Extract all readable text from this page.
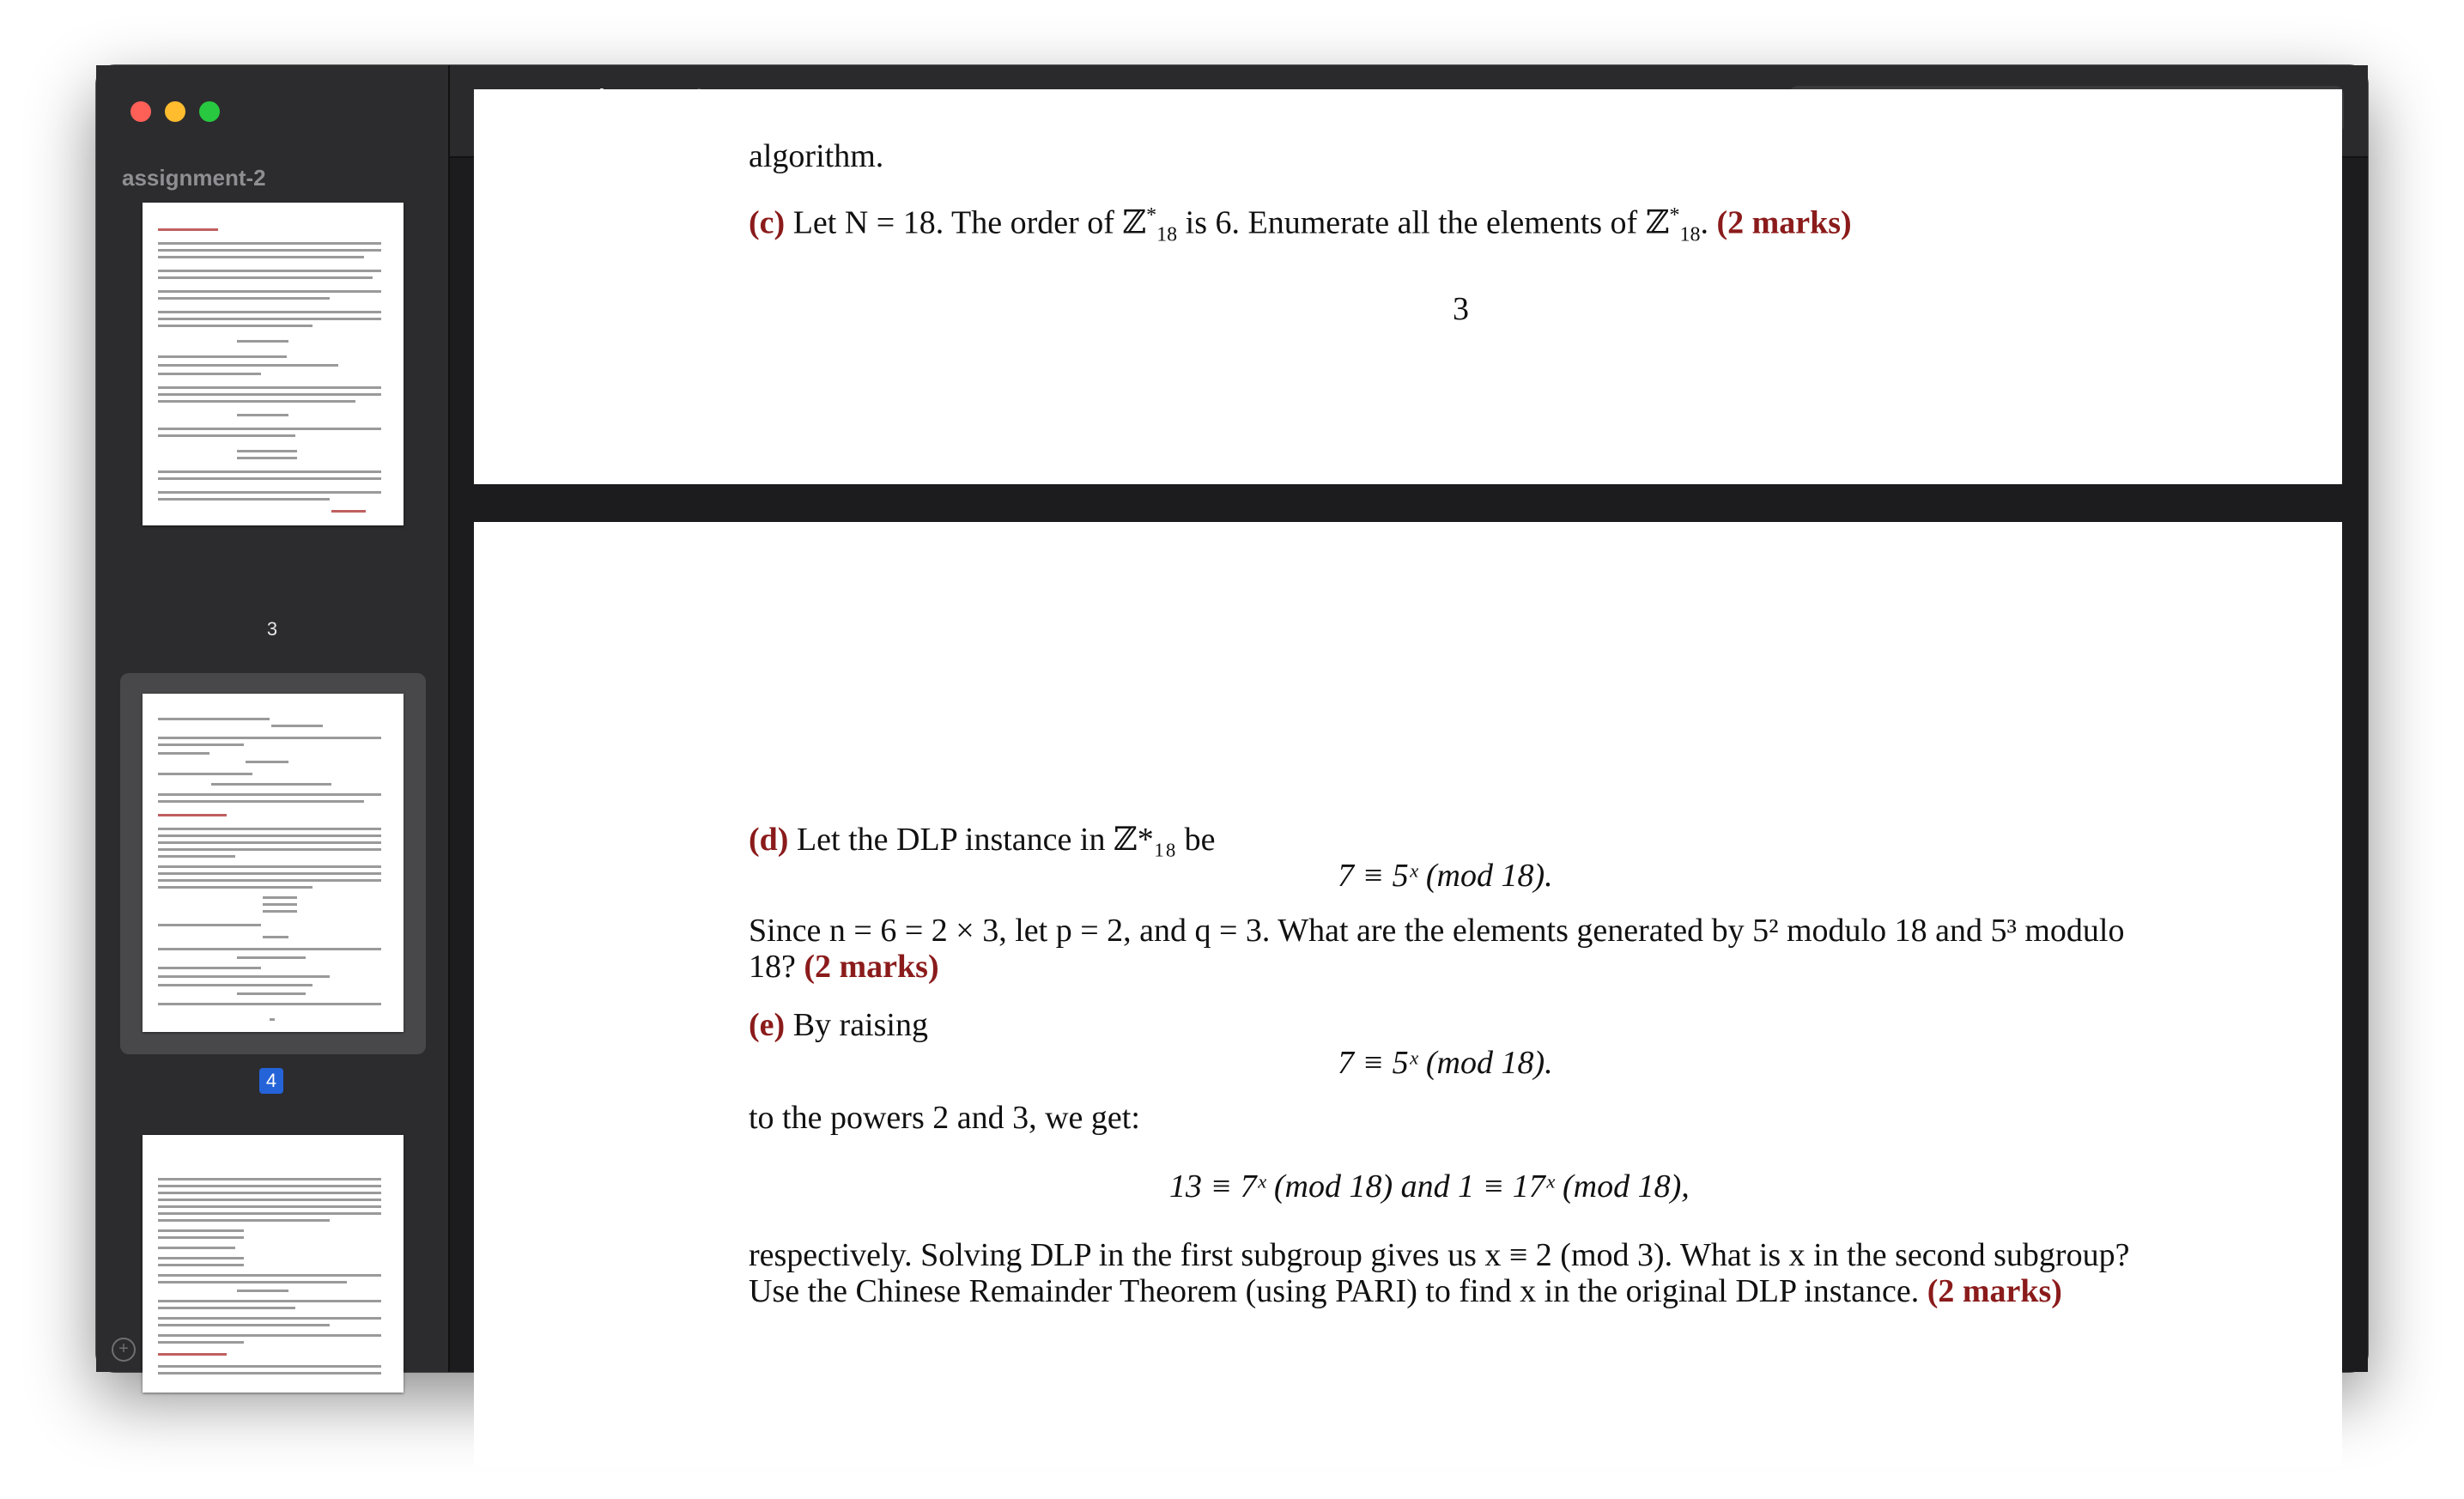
assignment-2
3
4
+
Search
algorithm.
(c) Let N = 18. The order of ℤ*$_{18}$ is 6. Enumerate all the elements of ℤ*$_{18}$. (2 marks)
3
(d) Let the DLP instance in ℤ*₁₈ be
7 ≡ 5ˣ (mod 18).
Since n = 6 = 2 × 3, let p = 2, and q = 3. What are the elements generated by 5² modulo 18 and 5³ modulo
18? (2 marks)
(e) By raising
7 ≡ 5ˣ (mod 18).
to the powers 2 and 3, we get:
13 ≡ 7ˣ (mod 18) and 1 ≡ 17ˣ (mod 18),
respectively. Solving DLP in the first subgroup gives us x ≡ 2 (mod 3). What is x in the second subgroup?
Use the Chinese Remainder Theorem (using PARI) to find x in the original DLP instance. (2 marks)
